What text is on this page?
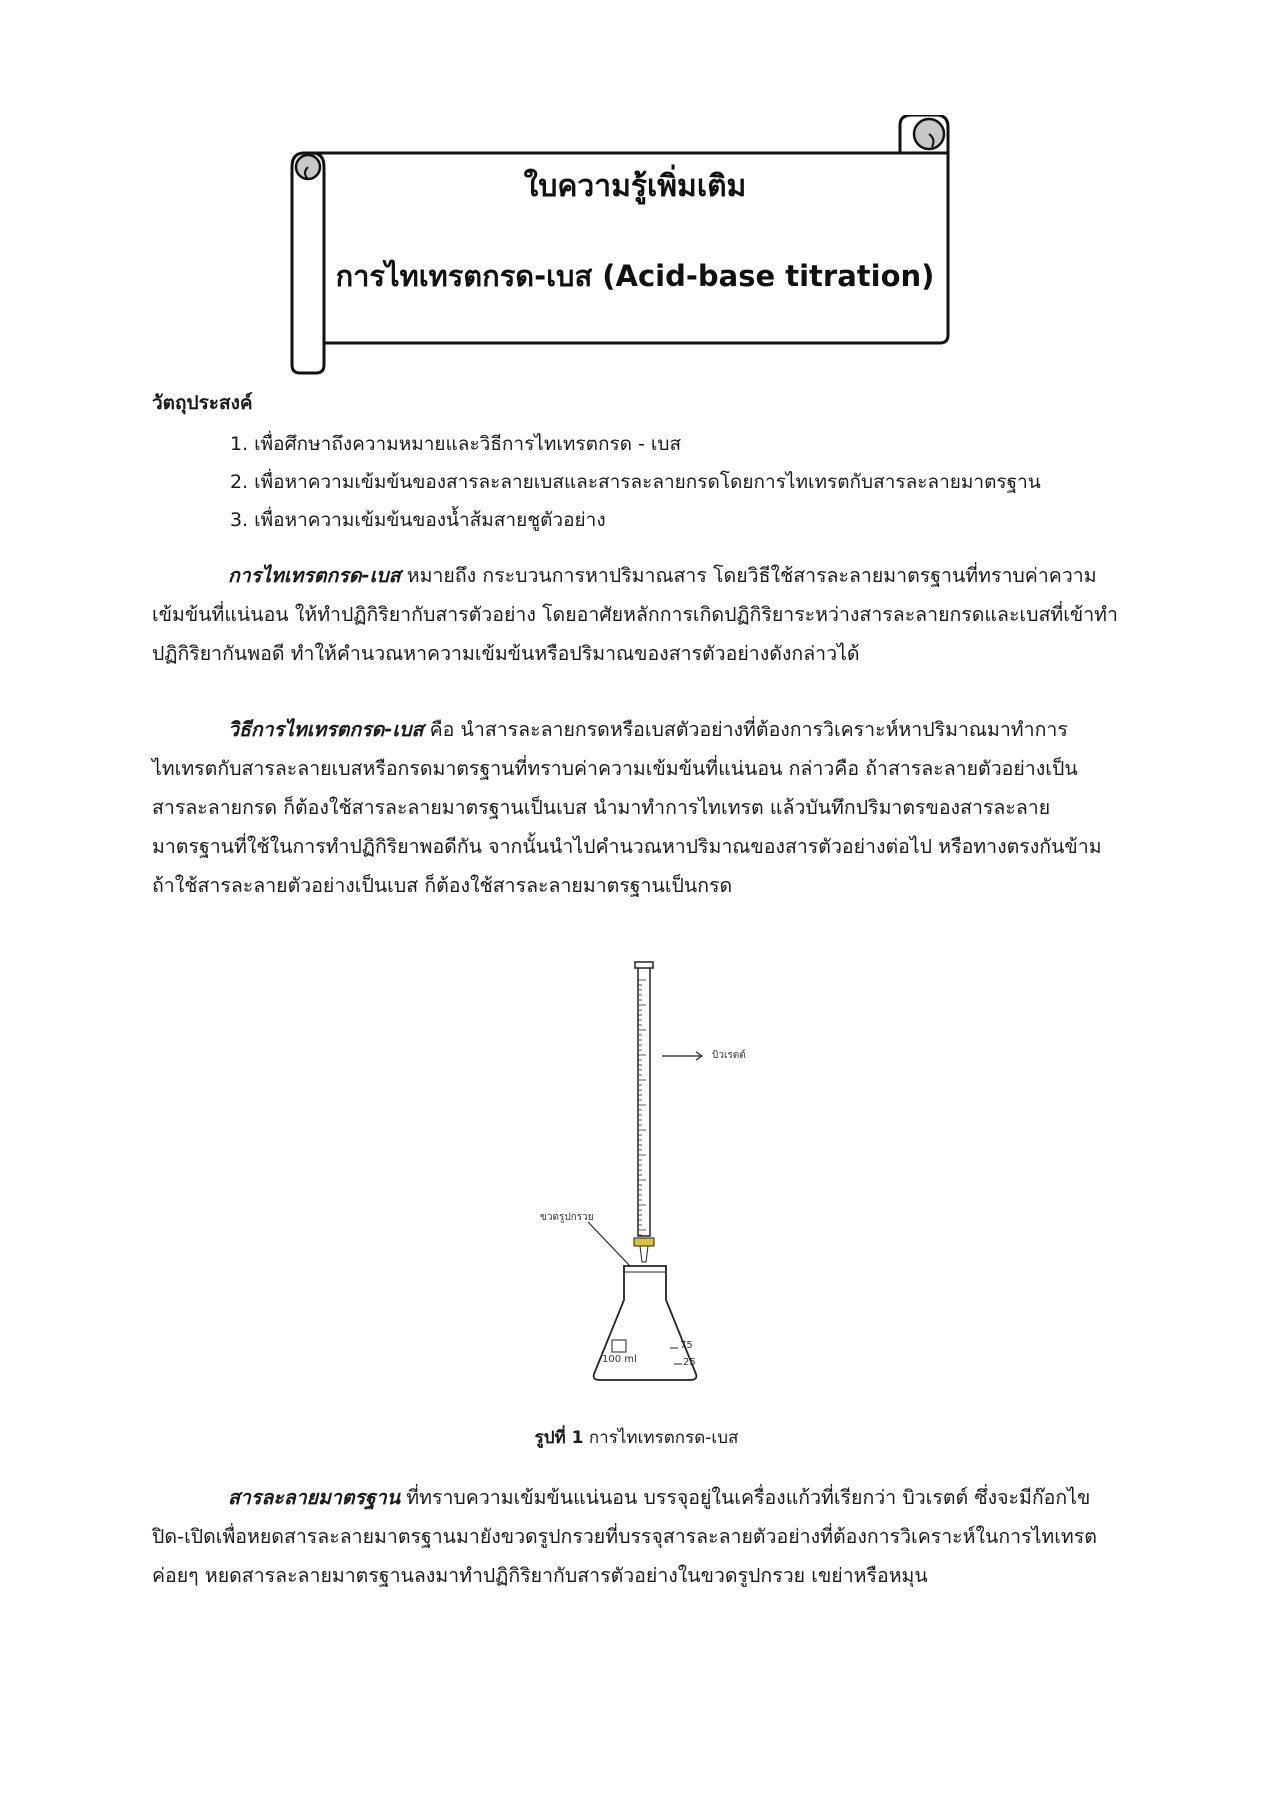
ใบความรู้เพิ่มเติม
การไทเทรตกรด-เบส (Acid-base titration)
วัตถุประสงค์
1. เพื่อศึกษาถึงความหมายและวิธีการไทเทรตกรด - เบส
2. เพื่อหาความเข้มข้นของสารละลายเบสและสารละลายกรดโดยการไทเทรตกับสารละลายมาตรฐาน
3. เพื่อหาความเข้มข้นของน้ำส้มสายชูตัวอย่าง

การไทเทรตกรด-เบส หมายถึง กระบวนการหาปริมาณสาร โดยวิธีใช้สารละลายมาตรฐานที่ทราบค่าความเข้มข้นที่แน่นอน ให้ทำปฏิกิริยากับสารตัวอย่าง โดยอาศัยหลักการเกิดปฏิกิริยาระหว่างสารละลายกรดและเบสที่เข้าทำปฏิกิริยากันพอดี ทำให้คำนวณหาความเข้มข้นหรือปริมาณของสารตัวอย่างดังกล่าวได้

วิธีการไทเทรตกรด-เบส คือ นำสารละลายกรดหรือเบสตัวอย่างที่ต้องการวิเคราะห์หาปริมาณมาทำการไทเทรตกับสารละลายเบสหรือกรดมาตรฐานที่ทราบค่าความเข้มข้นที่แน่นอน กล่าวคือ ถ้าสารละลายตัวอย่างเป็นสารละลายกรด ก็ต้องใช้สารละลายมาตรฐานเป็นเบส นำมาทำการไทเทรต แล้วบันทึกปริมาตรของสารละลายมาตรฐานที่ใช้ในการทำปฏิกิริยาพอดีกัน จากนั้นนำไปคำนวณหาปริมาณของสารตัวอย่างต่อไป หรือทางตรงกันข้าม ถ้าใช้สารละลายตัวอย่างเป็นเบส ก็ต้องใช้สารละลายมาตรฐานเป็นกรด

บิวเรตต์
ขวดรูปกรวย
100 ml
75
25
รูปที่ 1 การไทเทรตกรด-เบส

สารละลายมาตรฐาน ที่ทราบความเข้มข้นแน่นอน บรรจุอยู่ในเครื่องแก้วที่เรียกว่า บิวเรตต์ ซึ่งจะมีก๊อกไขปิด-เปิดเพื่อหยดสารละลายมาตรฐานมายังขวดรูปกรวยที่บรรจุสารละลายตัวอย่างที่ต้องการวิเคราะห์ในการไทเทรตค่อยๆ หยดสารละลายมาตรฐานลงมาทำปฏิกิริยากับสารตัวอย่างในขวดรูปกรวย เขย่าหรือหมุน
